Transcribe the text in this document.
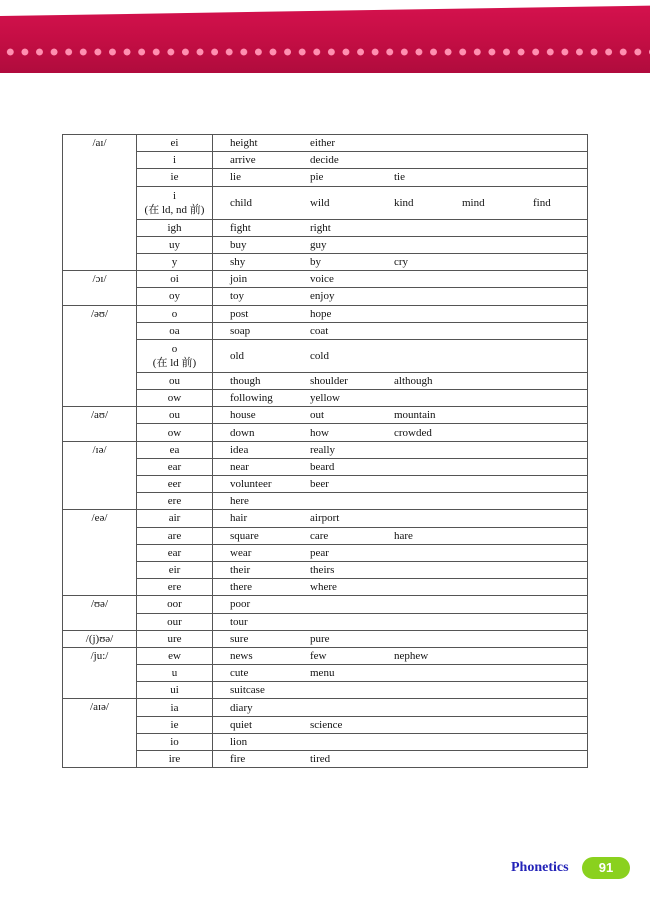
/aɪ/	ei	height either

	i	arrive decide

	ie	lie pie tie

	i
(在 ld, nd 前)	child wild kind mind find

	igh	fight right

	uy	buy guy

	y	shy by cry

/ɔɪ/	oi	join voice

	oy	toy enjoy

/əʊ/	o	post hope

	oa	soap coat

	o
(在 ld 前)	old cold

	ou	though shoulder although

	ow	following yellow

/aʊ/	ou	house out mountain

	ow	down how crowded

/ɪə/	ea	idea really

	ear	near beard

	eer	volunteer beer

	ere	here

/eə/	air	hair airport

	are	square care hare

	ear	wear pear

	eir	their theirs

	ere	there where

/ʊə/	oor	poor

	our	tour

/(j)ʊə/	ure	sure pure

/ju:/	ew	news few nephew

	u	cute menu

	ui	suitcase

/aɪə/	ia	diary

	ie	quiet science

	io	lion

	ire	fire tired
Phonetics	91
